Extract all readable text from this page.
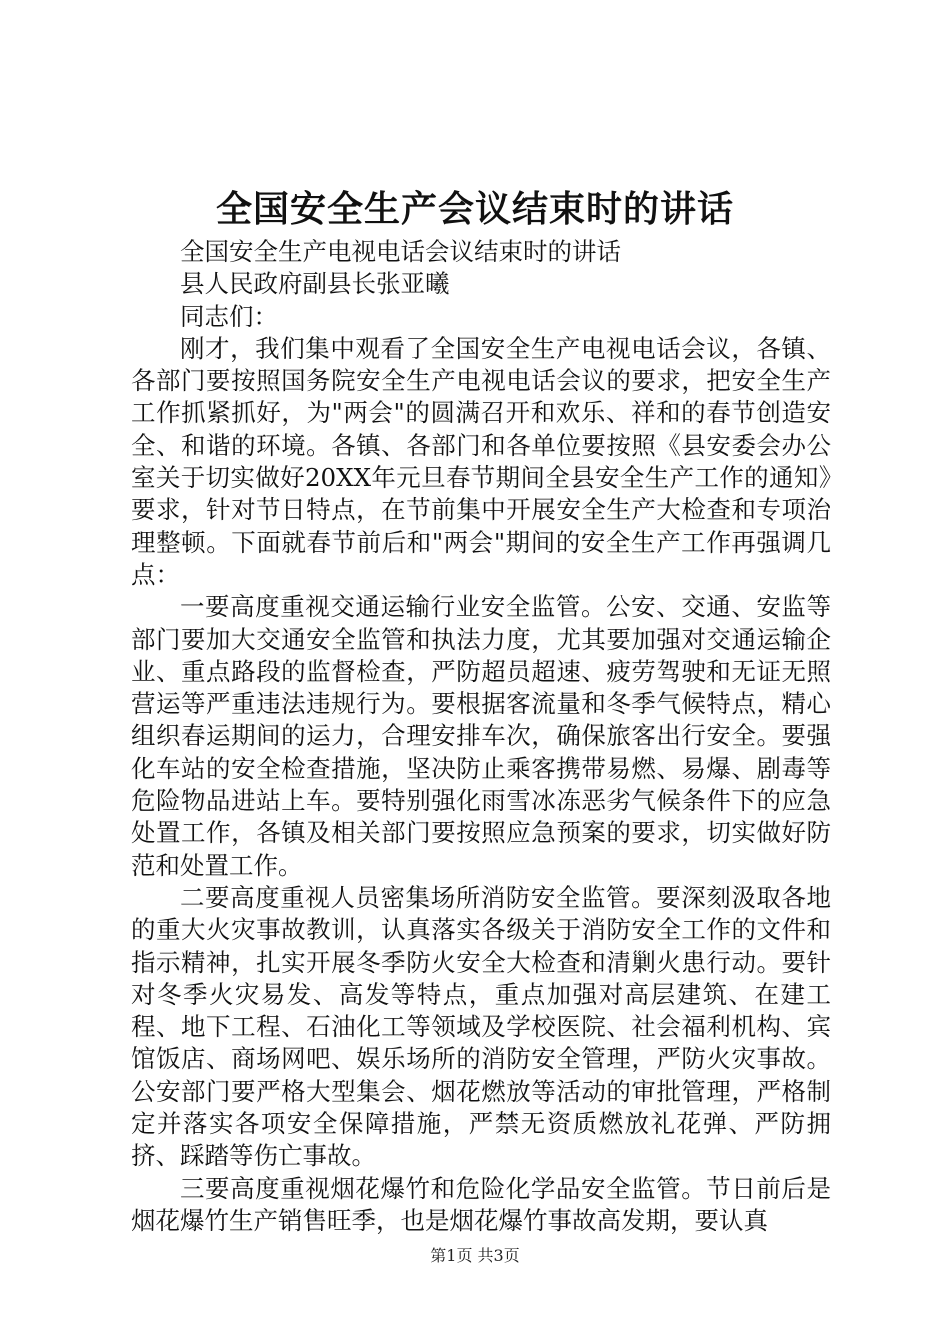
全国安全生产会议结束时的讲话

全国安全生产电视电话会议结束时的讲话

县人民政府副县长张亚曦

同志们：

刚才，我们集中观看了全国安全生产电视电话会议，各镇、各部门要按照国务院安全生产电视电话会议的要求，把安全生产工作抓紧抓好，为"两会"的圆满召开和欢乐、祥和的春节创造安全、和谐的环境。各镇、各部门和各单位要按照《县安委会办公室关于切实做好20XX年元旦春节期间全县安全生产工作的通知》要求，针对节日特点，在节前集中开展安全生产大检查和专项治理整顿。下面就春节前后和"两会"期间的安全生产工作再强调几点：

一要高度重视交通运输行业安全监管。公安、交通、安监等部门要加大交通安全监管和执法力度，尤其要加强对交通运输企业、重点路段的监督检查，严防超员超速、疲劳驾驶和无证无照营运等严重违法违规行为。要根据客流量和冬季气候特点，精心组织春运期间的运力，合理安排车次，确保旅客出行安全。要强化车站的安全检查措施，坚决防止乘客携带易燃、易爆、剧毒等危险物品进站上车。要特别强化雨雪冰冻恶劣气候条件下的应急处置工作，各镇及相关部门要按照应急预案的要求，切实做好防范和处置工作。

二要高度重视人员密集场所消防安全监管。要深刻汲取各地的重大火灾事故教训，认真落实各级关于消防安全工作的文件和指示精神，扎实开展冬季防火安全大检查和清剿火患行动。要针对冬季火灾易发、高发等特点，重点加强对高层建筑、在建工程、地下工程、石油化工等领域及学校医院、社会福利机构、宾馆饭店、商场网吧、娱乐场所的消防安全管理，严防火灾事故。公安部门要严格大型集会、烟花燃放等活动的审批管理，严格制定并落实各项安全保障措施，严禁无资质燃放礼花弹、严防拥挤、踩踏等伤亡事故。

三要高度重视烟花爆竹和危险化学品安全监管。节日前后是烟花爆竹生产销售旺季，也是烟花爆竹事故高发期，要认真

第1页 共3页
